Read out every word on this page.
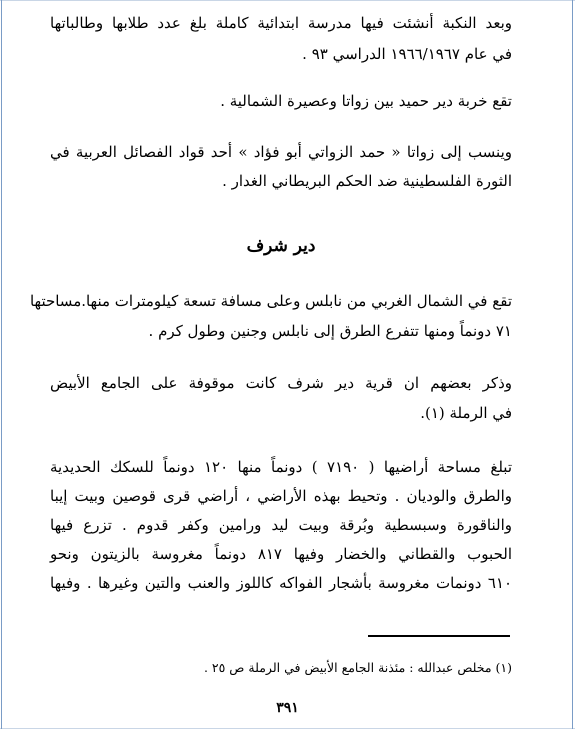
وبعد النكبة أنشئت فيها مدرسة ابتدائية كاملة بلغ عدد طلابها وطالباتها
في عام ١٩٦٦/١٩٦٧ الدراسي ٩٣ .
تقع خربة دير حميد بين زواتا وعصيرة الشمالية .
وينسب إلى زواتا « حمد الزواتي أبو فؤاد » أحد قواد الفصائل العربية في
الثورة الفلسطينية ضد الحكم البريطاني الغدار .
دير شرف
تقع في الشمال الغربي من نابلس وعلى مسافة تسعة كيلومترات منها.مساحتها
٧١ دونماً ومنها تتفرع الطرق إلى نابلس وجنين وطول كرم .
وذكر بعضهم ان قرية دير شرف كانت موقوفة على الجامع الأبيض
في الرملة (١).
تبلغ مساحة أراضيها ( ٧١٩٠ ) دونماً منها ١٢٠ دونماً للسكك الحديدية
والطرق والوديان . وتحيط بهذه الأراضي ، أراضي قرى قوصين وبيت إيبا
والناقورة وسبسطية وبُرقة وبيت ليد ورامين وكفر قدوم . تزرع فيها
الحبوب والقطاني والخضار وفيها ٨١٧ دونماً مغروسة بالزيتون ونحو
٦١٠ دونمات مغروسة بأشجار الفواكه كاللوز والعنب والتين وغيرها . وفيها
(١) مخلص عبدالله : مئذنة الجامع الأبيض في الرملة ص ٢٥ .
٣٩١
